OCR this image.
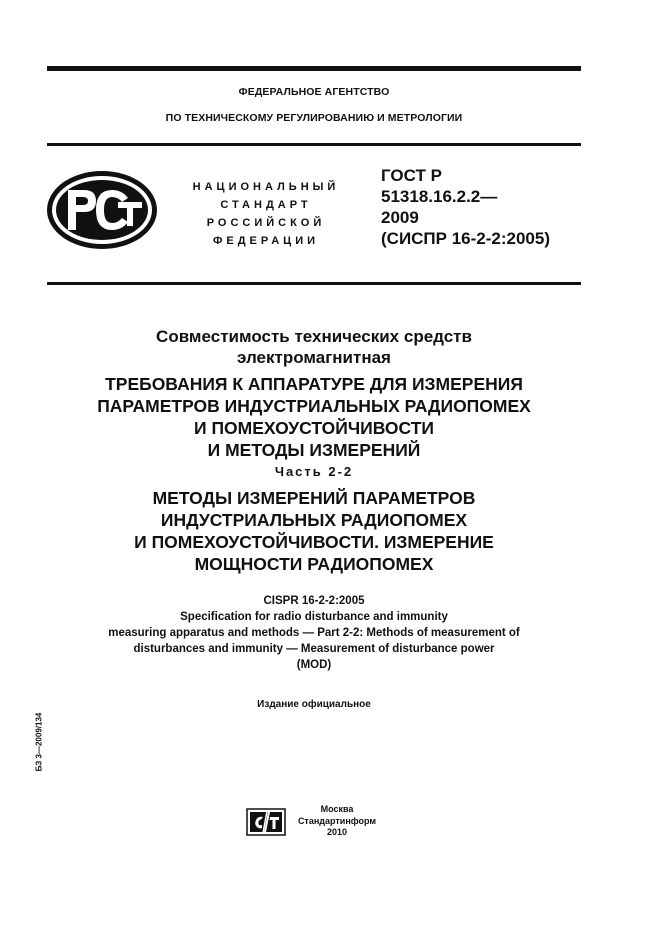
ФЕДЕРАЛЬНОЕ АГЕНТСТВО
ПО ТЕХНИЧЕСКОМУ РЕГУЛИРОВАНИЮ И МЕТРОЛОГИИ
НАЦИОНАЛЬНЫЙ
СТАНДАРТ
РОССИЙСКОЙ
ФЕДЕРАЦИИ
ГОСТ Р
51318.16.2.2—
2009
(СИСПР 16-2-2:2005)
Совместимость технических средств
электромагнитная
ТРЕБОВАНИЯ К АППАРАТУРЕ ДЛЯ ИЗМЕРЕНИЯ
ПАРАМЕТРОВ ИНДУСТРИАЛЬНЫХ РАДИОПОМЕХ
И ПОМЕХОУСТОЙЧИВОСТИ
И МЕТОДЫ ИЗМЕРЕНИЙ
Часть 2-2
МЕТОДЫ ИЗМЕРЕНИЙ ПАРАМЕТРОВ
ИНДУСТРИАЛЬНЫХ РАДИОПОМЕХ
И ПОМЕХОУСТОЙЧИВОСТИ. ИЗМЕРЕНИЕ
МОЩНОСТИ РАДИОПОМЕХ
CISPR 16-2-2:2005
Specification for radio disturbance and immunity
measuring apparatus and methods — Part 2-2: Methods of measurement of
disturbances and immunity — Measurement of disturbance power
(MOD)
Издание официальное
БЗ 3—2009/134
Москва
Стандартинформ
2010
